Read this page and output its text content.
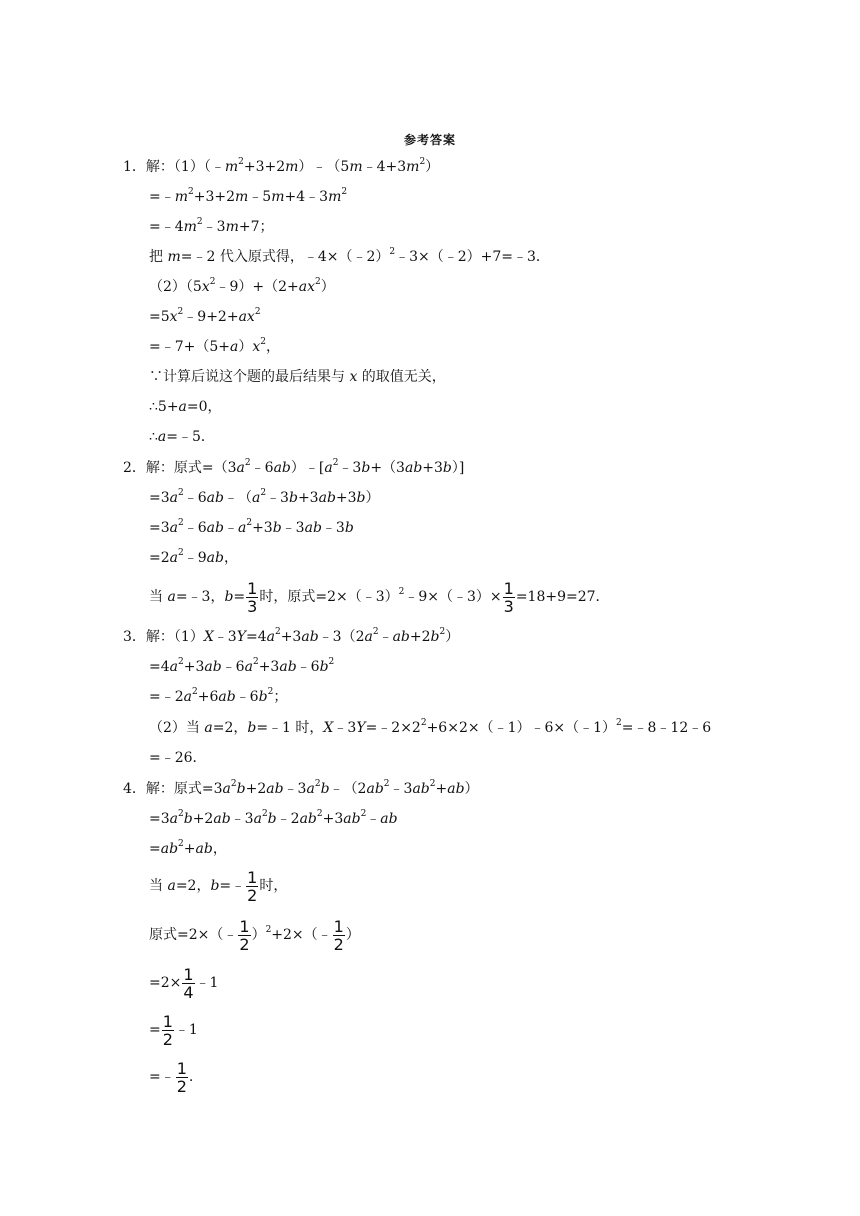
参考答案
1．解：$(1)(﹣m^2+3+2m)﹣(5m﹣4+3m^2)$
$=﹣m^2+3+2m﹣5m+4﹣3m^2$
$=﹣4m^2﹣3m+7$；
把 m=﹣2 代入原式得，﹣4×（﹣2）$^2$﹣3×（﹣2）+7=﹣3．
$(2)(5x^2﹣9)+(2+ax^2)$
$=5x^2﹣9+2+ax^2$
$=﹣7+(5+a)x^2$，
∵计算后说这个题的最后结果与 x 的取值无关，
∴5+a=0，
∴a=﹣5．
2．解：原式$=(3a^2﹣6ab)﹣[a^2﹣3b+(3ab+3b)]$
$=3a^2﹣6ab﹣(a^2﹣3b+3ab+3b)$
$=3a^2﹣6ab﹣a^2+3b﹣3ab﹣3b$
$=2a^2﹣9ab$，
当 a=﹣3，$b= \frac{1}{3}$ 时，原式=2×（﹣3）$^2$﹣9×（﹣3）× $\frac{1}{3} =18+9=27$．
3．解：$(1)X﹣3Y=4a^2+3ab﹣3(2a^2﹣ab+2b^2)$
$=4a^2+3ab﹣6a^2+3ab﹣6b^2$
$=﹣2a^2+6ab﹣6b^2$；
（2）当 a=2，b=﹣1 时，$X﹣3Y=﹣2\times 2^2+6\times 2\times(﹣1)﹣6\times(﹣1)^2=﹣8﹣12﹣6$
=﹣26．
4．解：原式$=3a^2b+2ab﹣3a^2b﹣(2ab^2﹣3ab^2+ab)$
$=3a^2b+2ab﹣3a^2b﹣2ab^2+3ab^2﹣ab$
$=ab^2+ab$，
当 a=2，b=﹣ $\frac{1}{2}$ 时，
原式=2×（﹣ $\frac{1}{2}$ ）$^2$+2×（﹣ $\frac{1}{2}$ ）
$=2\times \frac{1}{4}$ ﹣1
= $\frac{1}{2}$ ﹣1
=﹣ $\frac{1}{2}$ .
